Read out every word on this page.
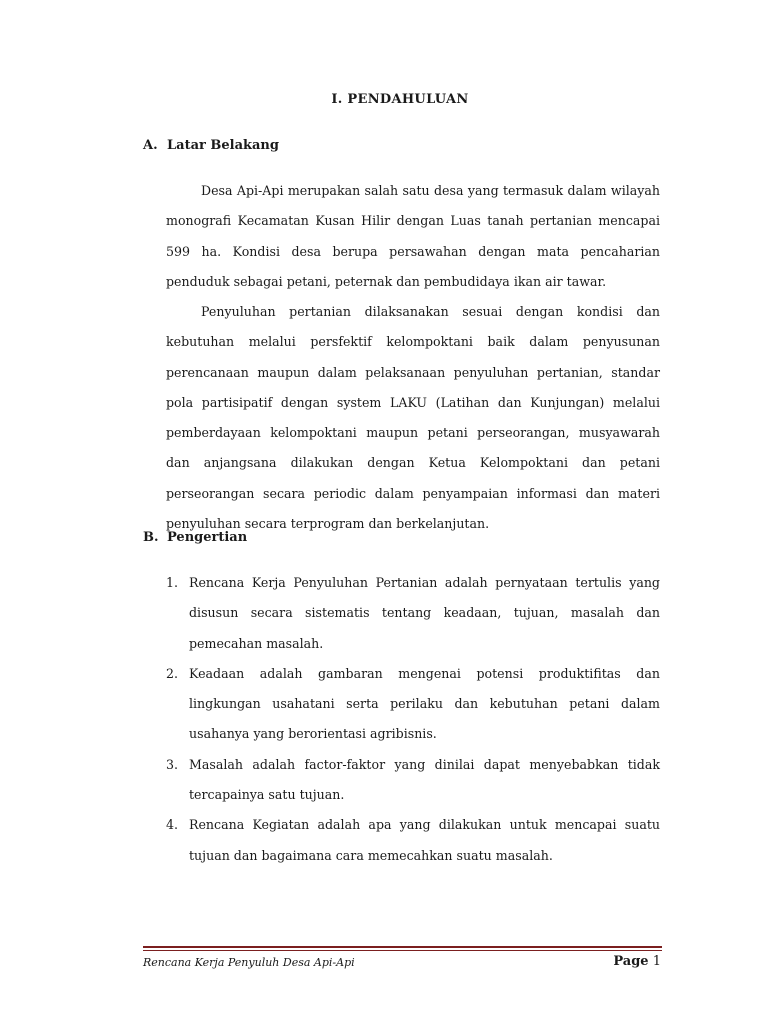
I. PENDAHULUAN
A. Latar Belakang

Desa Api-Api merupakan salah satu desa yang termasuk dalam wilayah monografi Kecamatan Kusan Hilir dengan Luas tanah pertanian mencapai 599 ha. Kondisi desa berupa persawahan dengan mata pencaharian penduduk sebagai petani, peternak dan pembudidaya ikan air tawar.

Penyuluhan pertanian dilaksanakan sesuai dengan kondisi dan kebutuhan melalui persfektif kelompoktani baik dalam penyusunan perencanaan maupun dalam pelaksanaan penyuluhan pertanian, standar pola partisipatif dengan system LAKU (Latihan dan Kunjungan) melalui pemberdayaan kelompoktani maupun petani perseorangan, musyawarah dan anjangsana dilakukan dengan Ketua Kelompoktani dan petani perseorangan secara periodic dalam penyampaian informasi dan materi penyuluhan secara terprogram dan berkelanjutan.

B. Pengertian
1. Rencana Kerja Penyuluhan Pertanian adalah pernyataan tertulis yang disusun secara sistematis tentang keadaan, tujuan, masalah dan pemecahan masalah.
2. Keadaan adalah gambaran mengenai potensi produktifitas dan lingkungan usahatani serta perilaku dan kebutuhan petani dalam usahanya yang berorientasi agribisnis.
3. Masalah adalah factor-faktor yang dinilai dapat menyebabkan tidak tercapainya satu tujuan.
4. Rencana Kegiatan adalah apa yang dilakukan untuk mencapai suatu tujuan dan bagaimana cara memecahkan suatu masalah.
Rencana Kerja Penyuluh Desa Api-Api	Page 1
